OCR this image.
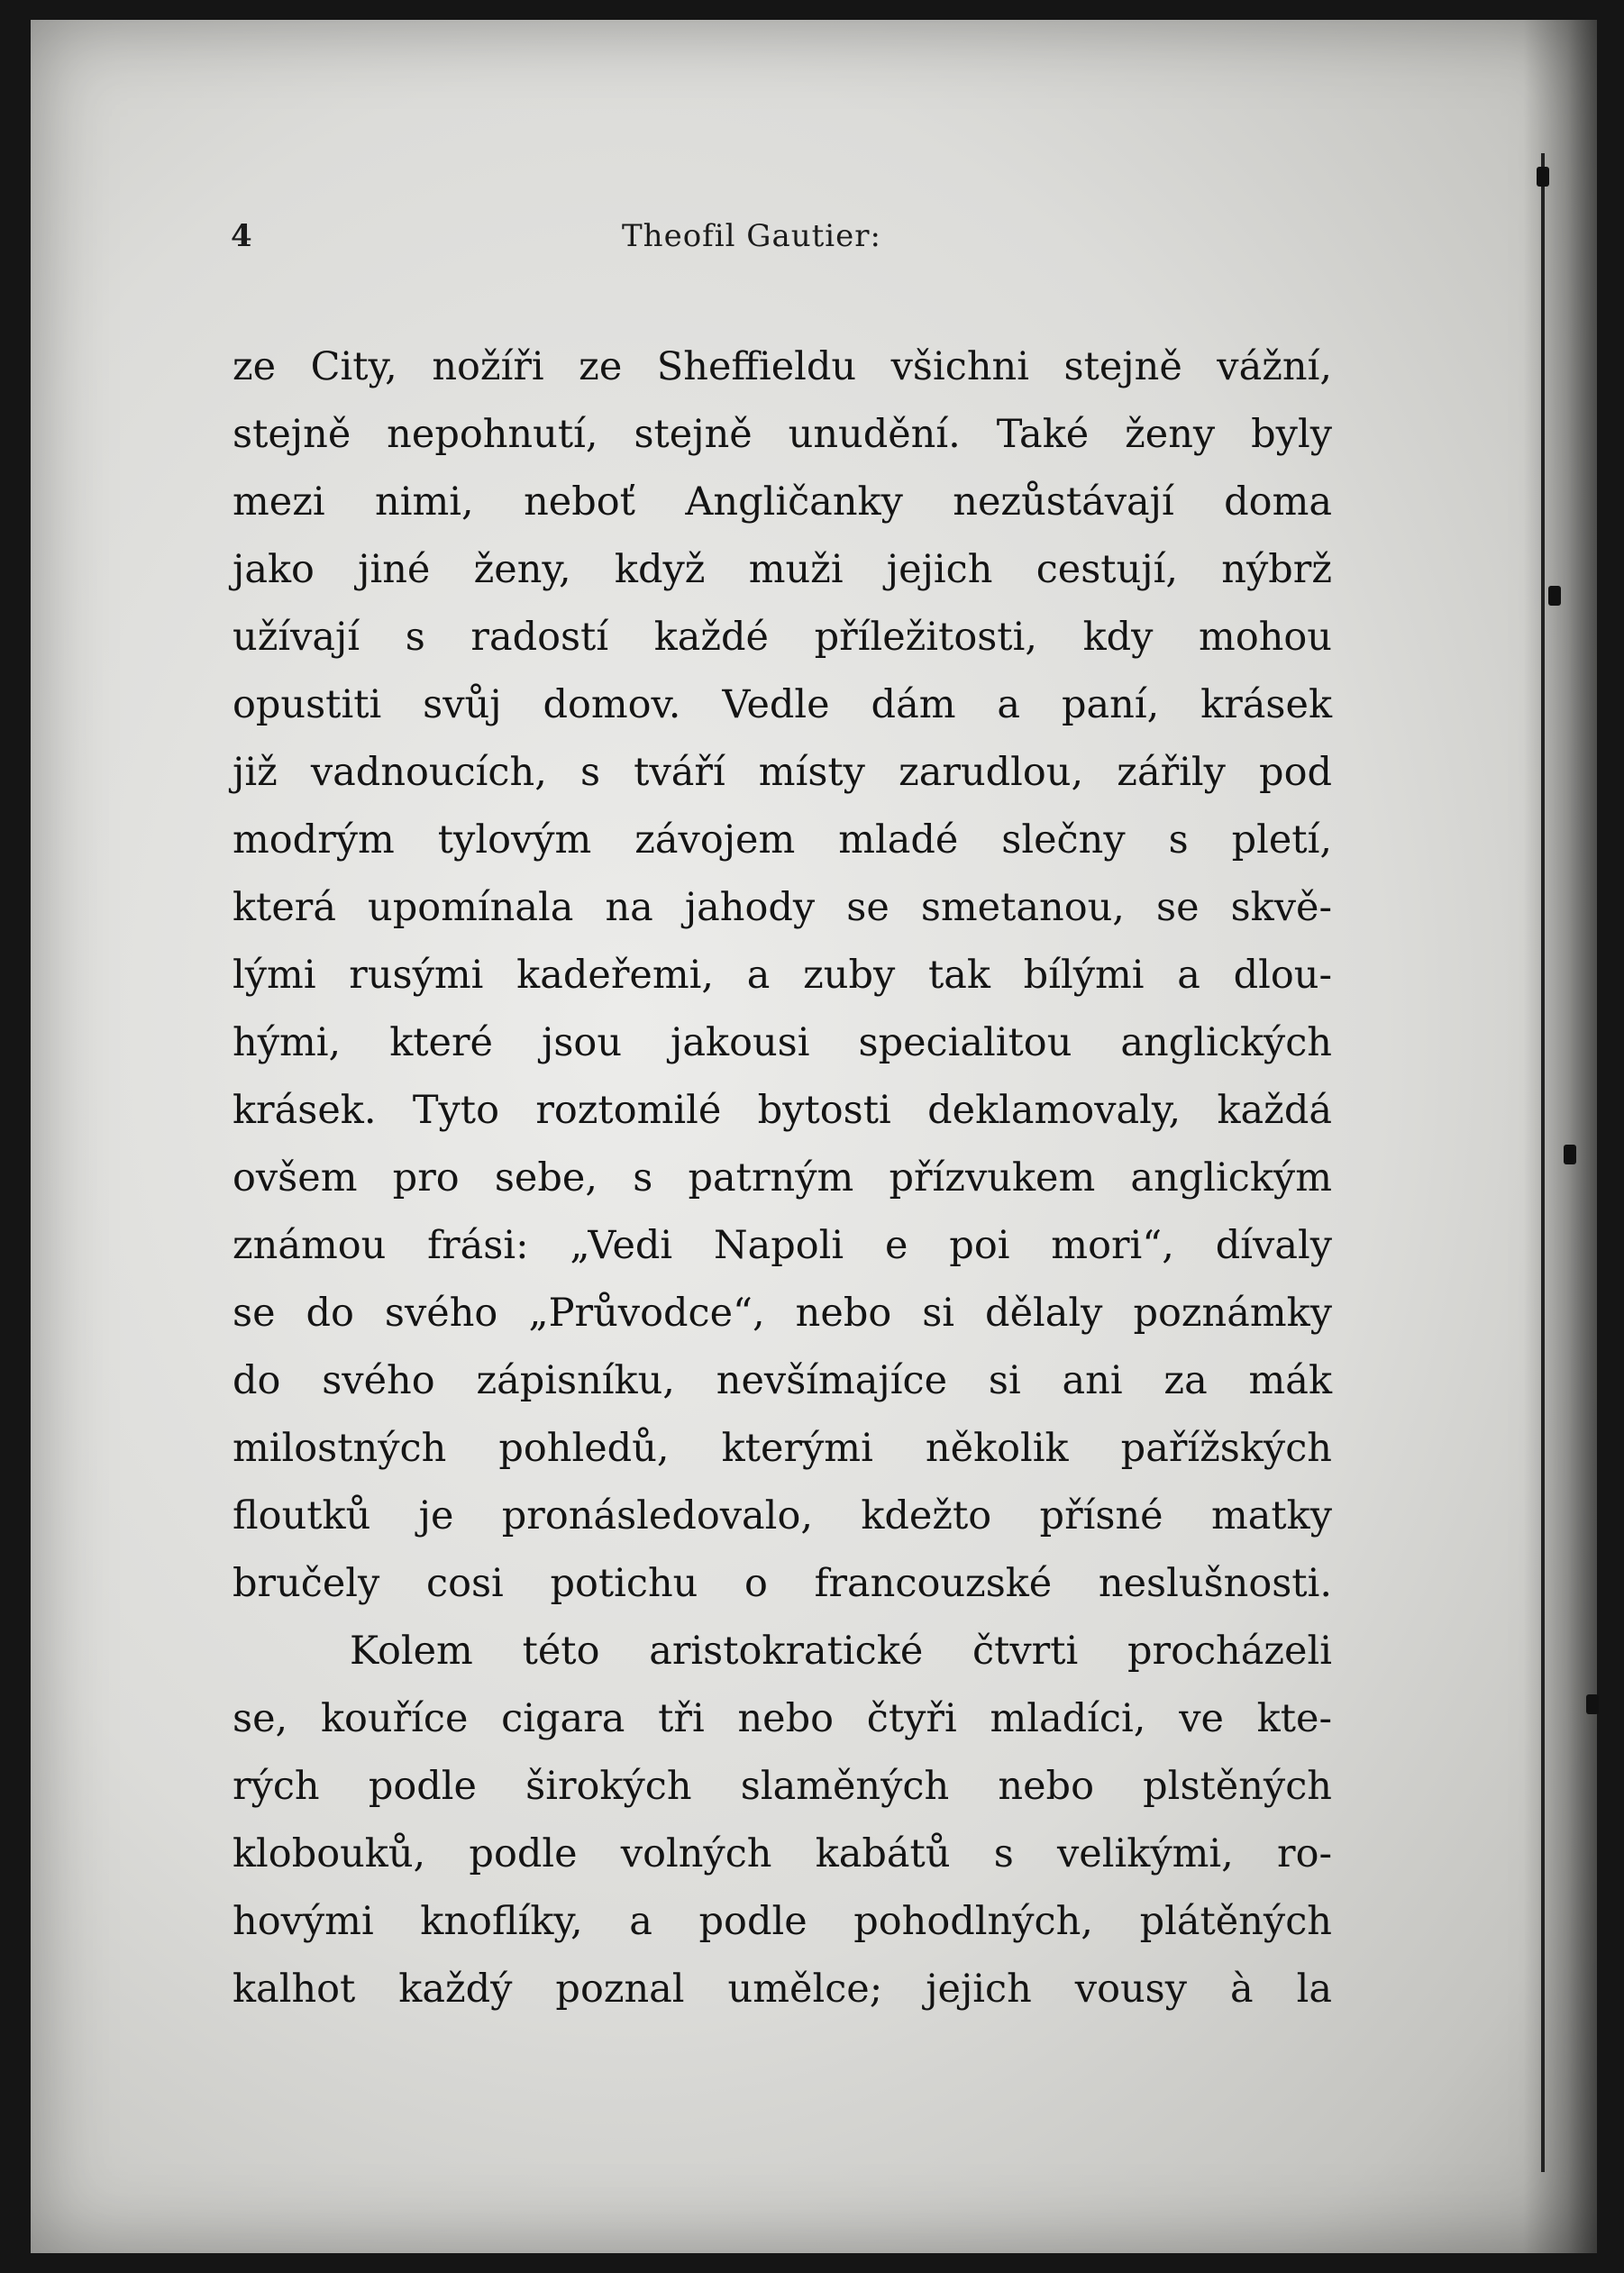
4	Theofil Gautier:
ze City, nožíři ze Sheffieldu všichni stejně vážní,
stejně nepohnutí, stejně unudění. Také ženy byly
mezi nimi, neboť Angličanky nezůstávají doma
jako jiné ženy, když muži jejich cestují, nýbrž
užívají s radostí každé příležitosti, kdy mohou
opustiti svůj domov. Vedle dám a paní, krásek
již vadnoucích, s tváří místy zarudlou, zářily pod
modrým tylovým závojem mladé slečny s pletí,
která upomínala na jahody se smetanou, se skvě-
lými rusými kadeřemi, a zuby tak bílými a dlou-
hými, které jsou jakousi specialitou anglických
krásek. Tyto roztomilé bytosti deklamovaly, každá
ovšem pro sebe, s patrným přízvukem anglickým
známou frási: „Vedi Napoli e poi mori“, dívaly
se do svého „Průvodce“, nebo si dělaly poznámky
do svého zápisníku, nevšímajíce si ani za mák
milostných pohledů, kterými několik pařížských
floutků je pronásledovalo, kdežto přísné matky
bručely cosi potichu o francouzské neslušnosti.
Kolem této aristokratické čtvrti procházeli
se, kouříce cigara tři nebo čtyři mladíci, ve kte-
rých podle širokých slaměných nebo plstěných
klobouků, podle volných kabátů s velikými, ro-
hovými knoflíky, a podle pohodlných, plátěných
kalhot každý poznal umělce; jejich vousy à la
